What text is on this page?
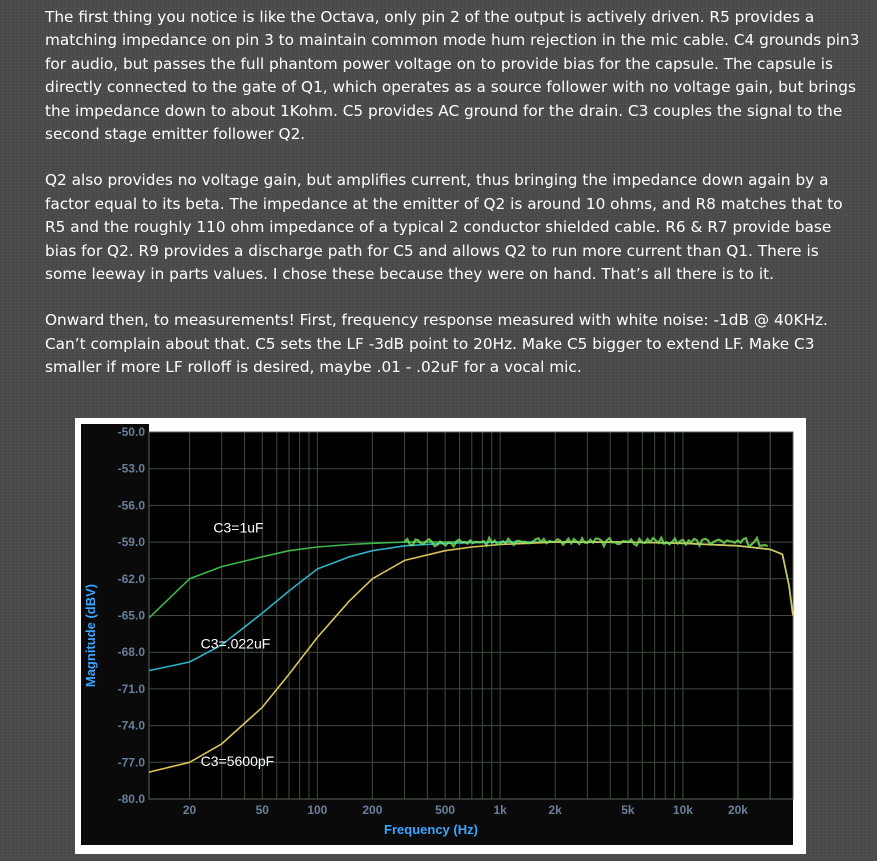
The first thing you notice is like the Octava, only pin 2 of the output is actively driven. R5 provides a matching impedance on pin 3 to maintain common mode hum rejection in the mic cable. C4 grounds pin3 for audio, but passes the full phantom power voltage on to provide bias for the capsule. The capsule is directly connected to the gate of Q1, which operates as a source follower with no voltage gain, but brings the impedance down to about 1Kohm. C5 provides AC ground for the drain. C3 couples the signal to the second stage emitter follower Q2.

Q2 also provides no voltage gain, but amplifies current, thus bringing the impedance down again by a factor equal to its beta. The impedance at the emitter of Q2 is around 10 ohms, and R8 matches that to R5 and the roughly 110 ohm impedance of a typical 2 conductor shielded cable. R6 & R7 provide base bias for Q2. R9 provides a discharge path for C5 and allows Q2 to run more current than Q1. There is some leeway in parts values. I chose these because they were on hand. That’s all there is to it.

Onward then, to measurements! First, frequency response measured with white noise: -1dB @ 40KHz. Can’t complain about that. C5 sets the LF -3dB point to 20Hz. Make C5 bigger to extend LF. Make C3 smaller if more LF rolloff is desired, maybe .01 - .02uF for a vocal mic.

-50.0
-53.0
-56.0
-59.0
-62.0
-65.0
-68.0
-71.0
-74.0
-77.0
-80.0
20	50	100	200	500	1k	2k	5k	10k	20k
Frequency (Hz)
Magnitude (dBV)
C3=1uF
C3=.022uF
C3=5600pF
